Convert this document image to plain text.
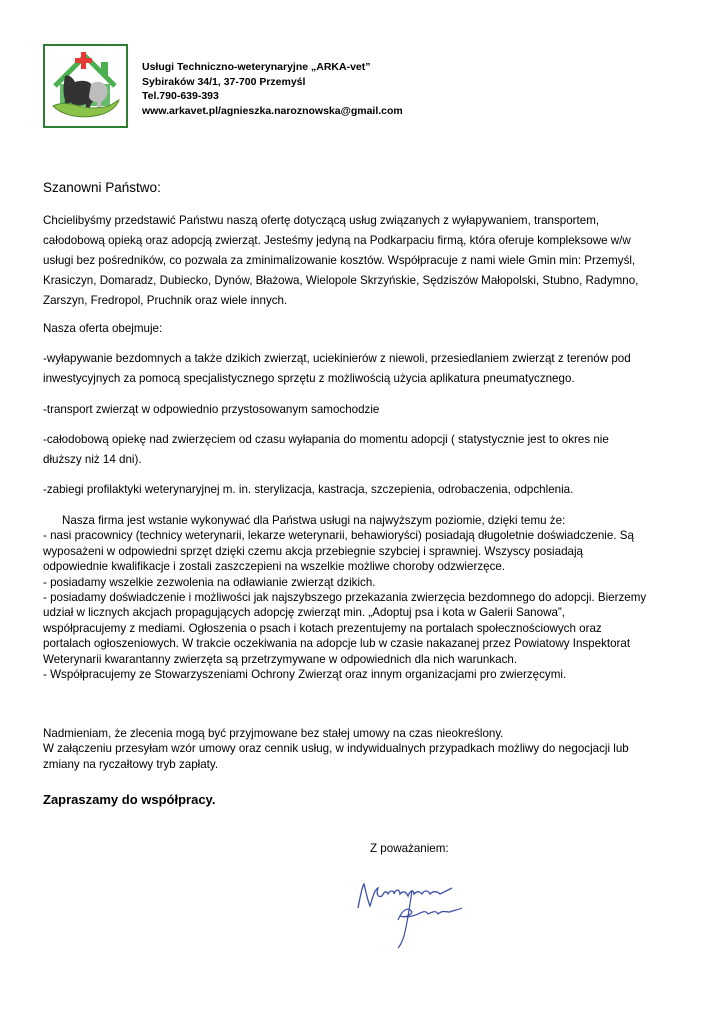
Usługi Techniczno-weterynaryjne „ARKA-vet”
Sybiraków 34/1, 37-700 Przemyśl
Tel.790-639-393
www.arkavet.pl/agnieszka.naroznowska@gmail.com
Szanowni Państwo:
Chcielibyśmy przedstawić Państwu naszą ofertę dotyczącą usług związanych z wyłapywaniem, transportem,
całodobową opieką oraz adopcją zwierząt. Jesteśmy jedyną na Podkarpaciu firmą, która oferuje kompleksowe w/w
usługi bez pośredników, co pozwala za zminimalizowanie kosztów. Współpracuje z nami wiele Gmin min: Przemyśl,
Krasiczyn, Domaradz, Dubiecko, Dynów, Błażowa, Wielopole Skrzyńskie, Sędziszów Małopolski, Stubno, Radymno,
Zarszyn, Fredropol, Pruchnik oraz wiele innych.
Nasza oferta obejmuje:
-wyłapywanie bezdomnych a także dzikich zwierząt, uciekinierów z niewoli, przesiedlaniem zwierząt z terenów pod
inwestycyjnych za pomocą specjalistycznego sprzętu z możliwością użycia aplikatura pneumatycznego.
-transport zwierząt w odpowiednio przystosowanym samochodzie
-całodobową opiekę nad zwierzęciem od czasu wyłapania do momentu adopcji ( statystycznie jest to okres nie
dłuższy niż 14 dni).
-zabiegi profilaktyki weterynaryjnej m. in. sterylizacja, kastracja, szczepienia, odrobaczenia, odpchlenia.
Nasza firma jest wstanie wykonywać dla Państwa usługi na najwyższym poziomie, dzięki temu że:
- nasi pracownicy (technicy weterynarii, lekarze weterynarii, behawioryści) posiadają długoletnie doświadczenie. Są
wyposażeni w odpowiedni sprzęt dzięki czemu akcja przebiegnie szybciej i sprawniej. Wszyscy posiadają
odpowiednie kwalifikacje i zostali zaszczepieni na wszelkie możliwe choroby odzwierzęce.
- posiadamy wszelkie zezwolenia na odławianie zwierząt dzikich.
- posiadamy doświadczenie i możliwości jak najszybszego przekazania zwierzęcia bezdomnego do adopcji. Bierzemy
udział w licznych akcjach propagujących adopcję zwierząt min. „Adoptuj psa i kota w Galerii Sanowa”,
współpracujemy z mediami. Ogłoszenia o psach i kotach prezentujemy na portalach społecznościowych oraz
portalach ogłoszeniowych. W trakcie oczekiwania na adopcje lub w czasie nakazanej przez Powiatowy Inspektorat
Weterynarii kwarantanny zwierzęta są przetrzymywane w odpowiednich dla nich warunkach.
- Współpracujemy ze Stowarzyszeniami Ochrony Zwierząt oraz innym organizacjami pro zwierzęcymi.
Nadmieniam, że zlecenia mogą być przyjmowane bez stałej umowy na czas nieokreślony.
W załączeniu przesyłam wzór umowy oraz cennik usług, w indywidualnych przypadkach możliwy do negocjacji lub
zmiany na ryczałtowy tryb zapłaty.
Zapraszamy do współpracy.
Z poważaniem:
